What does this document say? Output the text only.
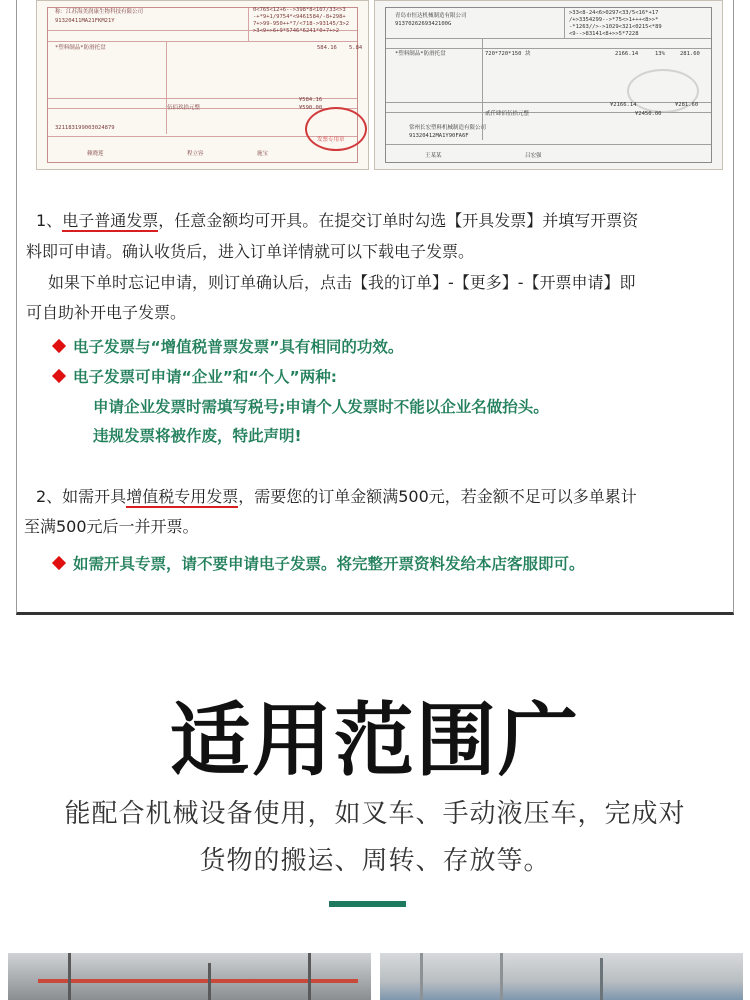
称：江苏海美润康生物科技有限公司
91320411MA21FKM21Y
0<765<12+6-->398*8<107/33<>3
-+*9+1/9754*<9461584/-8+298+
7+>99-950++*7/<718->93145/3>2
>3<9+>6+9*5746*6241*0+7+>2
*塑料制品*防滑托盘	584.16 5.84
¥584.16
伍佰玖拾元整	¥590.00
321183199003024879
赖晓莲	程立容	施宝
发票专用章
青岛市恒达机械制造有限公司
9137026269342100G
>33<8-24<6>0297<33/5<16*+17
/+>3354299-->*75<>1+++<8>>*
-*1263//>->1029<321<0215<*89
<9-->83141<8+>>5*7228
*塑料制品*防滑托盘	720*720*150 块	2166.14	13%	281.60
¥2166.14	¥281.60
贰仟肆佰伍拾元整	¥2450.00
常州长宏塑料机械制造有限公司
91320412MA1Y90FA6F
王某某	吕宏强
1、电子普通发票，任意金额均可开具。在提交订单时勾选【开具发票】并填写开票资
料即可申请。确认收货后，进入订单详情就可以下载电子发票。
如果下单时忘记申请，则订单确认后，点击【我的订单】-【更多】-【开票申请】即
可自助补开电子发票。
电子发票与“增值税普票发票”具有相同的功效。
电子发票可申请“企业”和“个人”两种:
申请企业发票时需填写税号;申请个人发票时不能以企业名做抬头。
违规发票将被作废，特此声明!
2、如需开具增值税专用发票，需要您的订单金额满500元，若金额不足可以多单累计
至满500元后一并开票。
如需开具专票，请不要申请电子发票。将完整开票资料发给本店客服即可。
适用范围广
能配合机械设备使用，如叉车、手动液压车，完成对
货物的搬运、周转、存放等。
